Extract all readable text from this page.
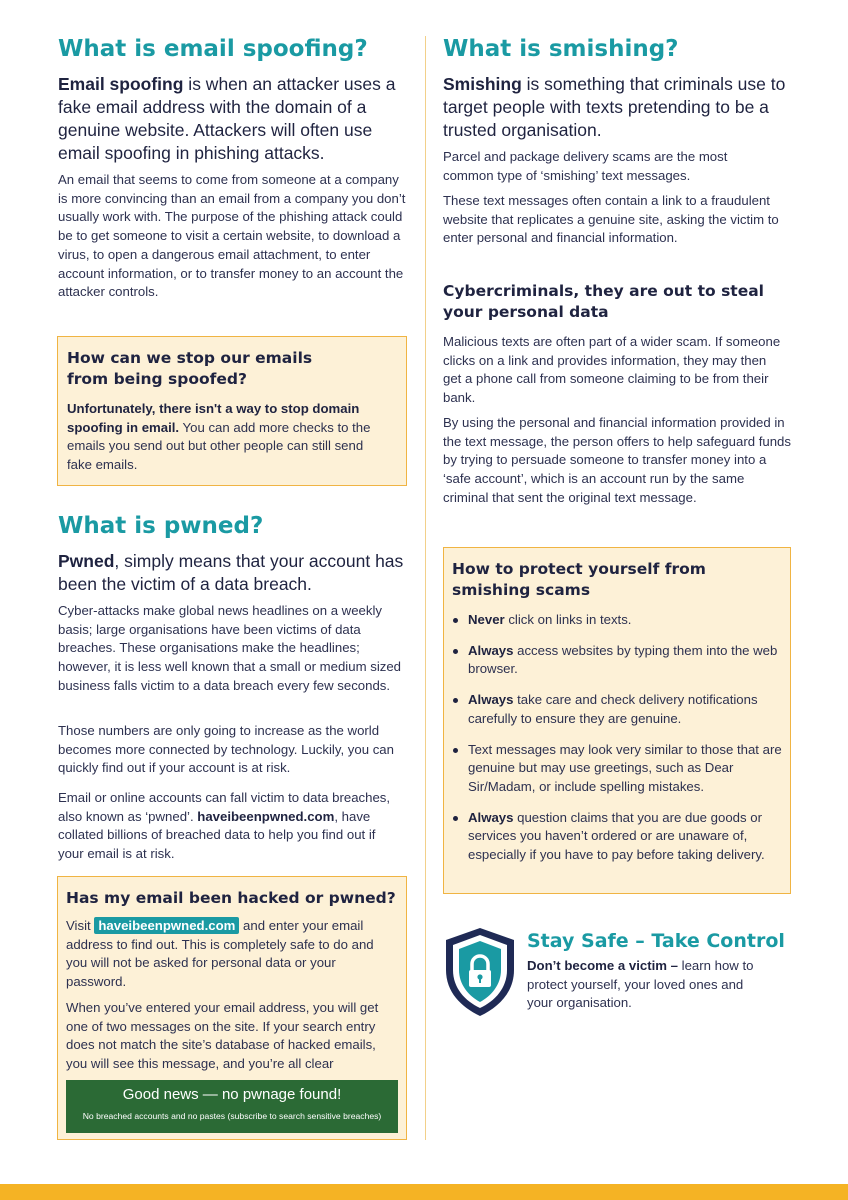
What is email spoofing?

Email spoofing is when an attacker uses a fake email address with the domain of a genuine website. Attackers will often use email spoofing in phishing attacks.

An email that seems to come from someone at a company is more convincing than an email from a company you don’t usually work with. The purpose of the phishing attack could be to get someone to visit a certain website, to download a virus, to open a dangerous email attachment, to enter account information, or to transfer money to an account the attacker controls.

How can we stop our emails from being spoofed?

Unfortunately, there isn't a way to stop domain spoofing in email. You can add more checks to the emails you send out but other people can still send fake emails.

What is pwned?

Pwned, simply means that your account has been the victim of a data breach.

Cyber-attacks make global news headlines on a weekly basis; large organisations have been victims of data breaches. These organisations make the headlines; however, it is less well known that a small or medium sized business falls victim to a data breach every few seconds.

Those numbers are only going to increase as the world becomes more connected by technology. Luckily, you can quickly find out if your account is at risk.

Email or online accounts can fall victim to data breaches, also known as ‘pwned’. haveibeenpwned.com, have collated billions of breached data to help you find out if your email is at risk.

Has my email been hacked or pwned?

Visit haveibeenpwned.com and enter your email address to find out. This is completely safe to do and you will not be asked for personal data or your password.

When you’ve entered your email address, you will get one of two messages on the site. If your search entry does not match the site’s database of hacked emails, you will see this message, and you’re all clear

Good news — no pwnage found!
No breached accounts and no pastes (subscribe to search sensitive breaches)
What is smishing?

Smishing is something that criminals use to target people with texts pretending to be a trusted organisation.

Parcel and package delivery scams are the most common type of ‘smishing’ text messages.

These text messages often contain a link to a fraudulent website that replicates a genuine site, asking the victim to enter personal and financial information.

Cybercriminals, they are out to steal your personal data

Malicious texts are often part of a wider scam. If someone clicks on a link and provides information, they may then get a phone call from someone claiming to be from their bank.

By using the personal and financial information provided in the text message, the person offers to help safeguard funds by trying to persuade someone to transfer money into a ‘safe account’, which is an account run by the same criminal that sent the original text message.

How to protect yourself from smishing scams
Never click on links in texts.
Always access websites by typing them into the web browser.
Always take care and check delivery notifications carefully to ensure they are genuine.
Text messages may look very similar to those that are genuine but may use greetings, such as Dear Sir/Madam, or include spelling mistakes.
Always question claims that you are due goods or services you haven’t ordered or are unaware of, especially if you have to pay before taking delivery.
Stay Safe – Take Control

Don’t become a victim – learn how to protect yourself, your loved ones and your organisation.
